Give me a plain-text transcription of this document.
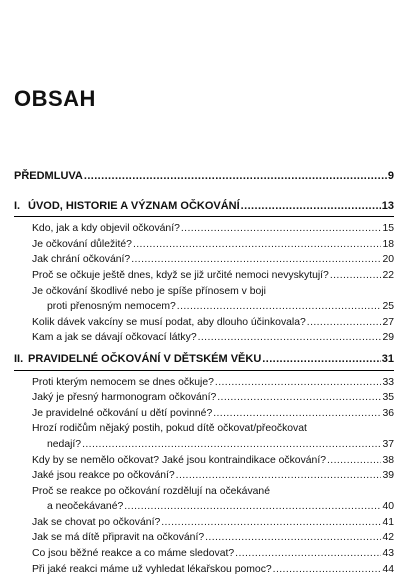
OBSAH
PŘEDMLUVA .....	9
I. ÚVOD, HISTORIE A VÝZNAM OČKOVÁNÍ .....	13
Kdo, jak a kdy objevil očkování? .....	15
Je očkování důležité? .....	18
Jak chrání očkování? .....	20
Proč se očkuje ještě dnes, když se již určité nemoci nevyskytují? .....	22
Je očkování škodlivé nebo je spíše přínosem v boji
proti přenosným nemocem? .....	25
Kolik dávek vakcíny se musí podat, aby dlouho účinkovala? .....	27
Kam a jak se dávají očkovací látky? .....	29
II. PRAVIDELNÉ OČKOVÁNÍ V DĚTSKÉM VĚKU .....	31
Proti kterým nemocem se dnes očkuje? .....	33
Jaký je přesný harmonogram očkování? .....	35
Je pravidelné očkování u dětí povinné? .....	36
Hrozí rodičům nějaký postih, pokud dítě očkovat/přeočkovat
nedají? .....	37
Kdy by se nemělo očkovat? Jaké jsou kontraindikace očkování? .....	38
Jaké jsou reakce po očkování? .....	39
Proč se reakce po očkování rozdělují na očekávané
a neočekávané? .....	40
Jak se chovat po očkování? .....	41
Jak se má dítě připravit na očkování? .....	42
Co jsou běžné reakce a co máme sledovat? .....	43
Při jaké reakci máme už vyhledat lékařskou pomoc? .....	44
